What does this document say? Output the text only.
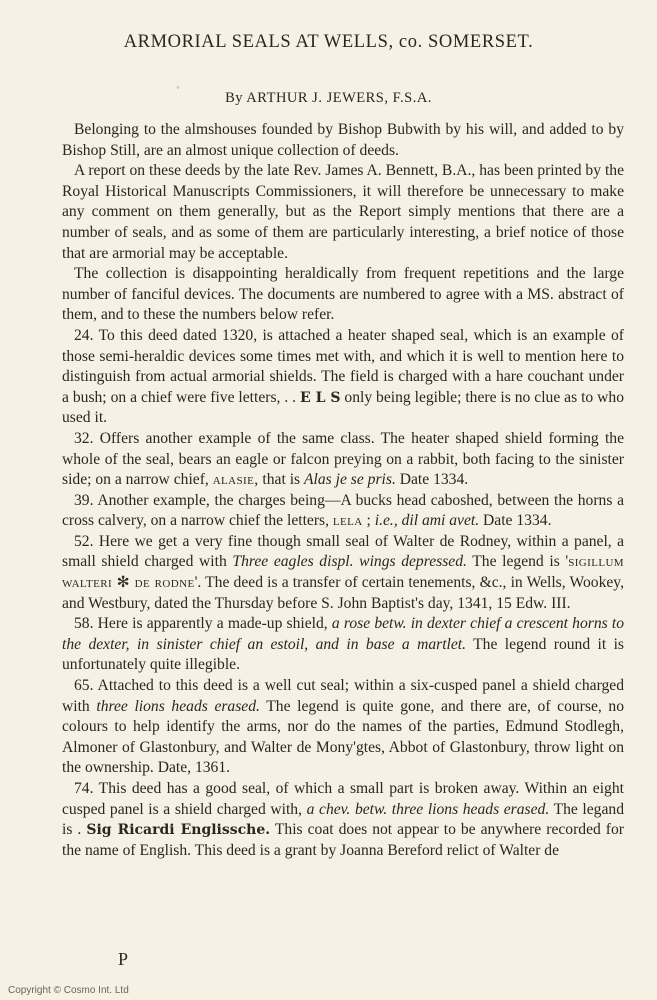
ARMORIAL SEALS AT WELLS, co. SOMERSET.
˚	By ARTHUR J. JEWERS, F.S.A.

Belonging to the almshouses founded by Bishop Bubwith by his will, and added to by Bishop Still, are an almost unique collection of deeds.

A report on these deeds by the late Rev. James A. Bennett, B.A., has been printed by the Royal Historical Manuscripts Commissioners, it will therefore be unnecessary to make any comment on them generally, but as the Report simply mentions that there are a number of seals, and as some of them are particularly interesting, a brief notice of those that are armorial may be acceptable.

The collection is disappointing heraldically from frequent repetitions and the large number of fanciful devices. The documents are numbered to agree with a MS. abstract of them, and to these the numbers below refer.

24. To this deed dated 1320, is attached a heater shaped seal, which is an example of those semi-heraldic devices some times met with, and which it is well to mention here to distinguish from actual armorial shields. The field is charged with a hare couchant under a bush; on a chief were five letters, . . E L S only being legible; there is no clue as to who used it.

32. Offers another example of the same class. The heater shaped shield forming the whole of the seal, bears an eagle or falcon preying on a rabbit, both facing to the sinister side; on a narrow chief, alasie, that is Alas je se pris. Date 1334.

39. Another example, the charges being—A bucks head caboshed, between the horns a cross calvery, on a narrow chief the letters, lela ; i.e., dil ami avet. Date 1334.

52. Here we get a very fine though small seal of Walter de Rodney, within a panel, a small shield charged with Three eagles displ. wings depressed. The legend is 'sigillum walteri ✻ de rodne'. The deed is a transfer of certain tenements, &c., in Wells, Wookey, and Westbury, dated the Thursday before S. John Baptist's day, 1341, 15 Edw. III.

58. Here is apparently a made-up shield, a rose betw. in dexter chief a crescent horns to the dexter, in sinister chief an estoil, and in base a martlet. The legend round it is unfortunately quite illegible.

65. Attached to this deed is a well cut seal; within a six-cusped panel a shield charged with three lions heads erased. The legend is quite gone, and there are, of course, no colours to help identify the arms, nor do the names of the parties, Edmund Stodlegh, Almoner of Glastonbury, and Walter de Mony'gtes, Abbot of Glastonbury, throw light on the ownership. Date, 1361.

74. This deed has a good seal, of which a small part is broken away. Within an eight cusped panel is a shield charged with, a chev. betw. three lions heads erased. The legand is . Sig Ricardi Englissche. This coat does not appear to be anywhere recorded for the name of English. This deed is a grant by Joanna Bereford relict of Walter de

P
Copyright © Cosmo Int. Ltd
